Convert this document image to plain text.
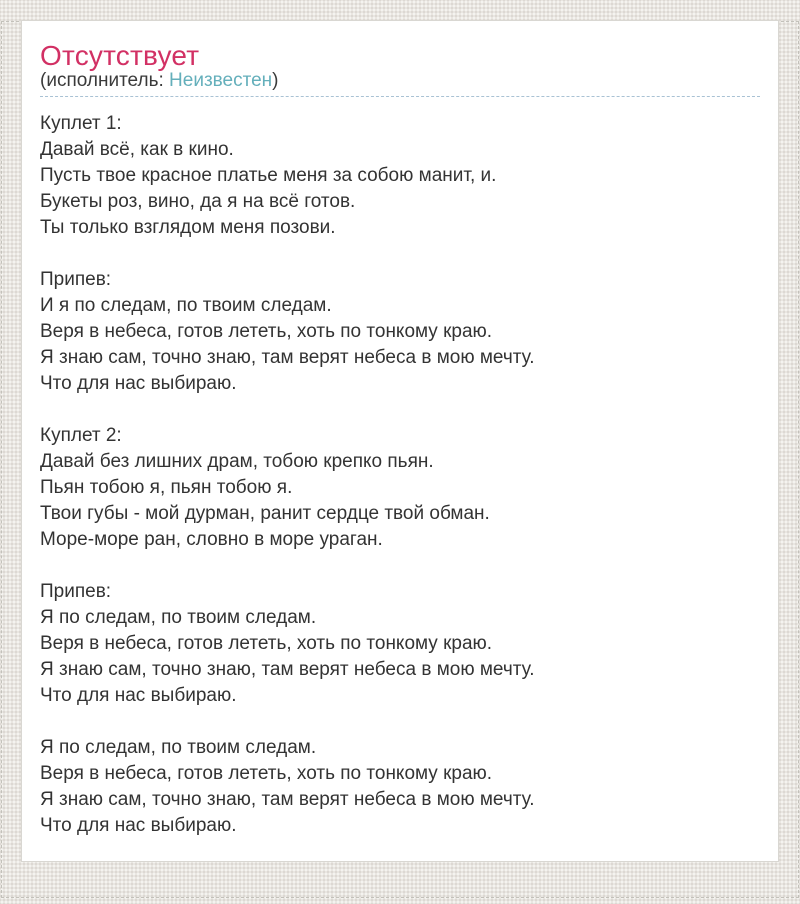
Отсутствует
(исполнитель: Неизвестен)
Куплет 1:
Давай всё, как в кино.
Пусть твое красное платье меня за собою манит, и.
Букеты роз, вино, да я на всё готов.
Ты только взглядом меня позови.
Припев:
И я по следам, по твоим следам.
Веря в небеса, готов лететь, хоть по тонкому краю.
Я знаю сам, точно знаю, там верят небеса в мою мечту.
Что для нас выбираю.
Куплет 2:
Давай без лишних драм, тобою крепко пьян.
Пьян тобою я, пьян тобою я.
Твои губы - мой дурман, ранит сердце твой обман.
Море-море ран, словно в море ураган.
Припев:
Я по следам, по твоим следам.
Веря в небеса, готов лететь, хоть по тонкому краю.
Я знаю сам, точно знаю, там верят небеса в мою мечту.
Что для нас выбираю.
Я по следам, по твоим следам.
Веря в небеса, готов лететь, хоть по тонкому краю.
Я знаю сам, точно знаю, там верят небеса в мою мечту.
Что для нас выбираю.
